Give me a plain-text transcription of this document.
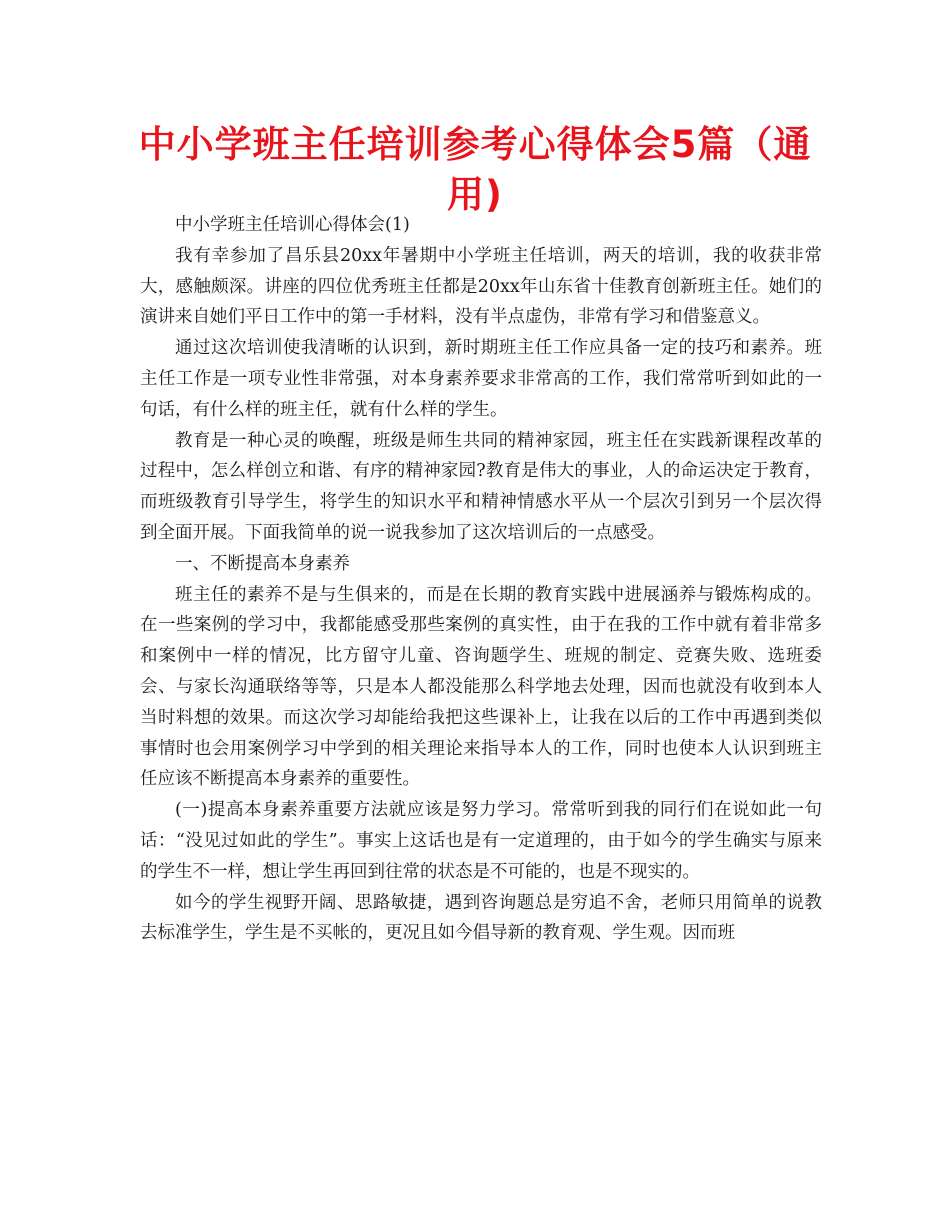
中小学班主任培训参考心得体会5篇（通用)

中小学班主任培训心得体会(1)

我有幸参加了昌乐县20xx年暑期中小学班主任培训，两天的培训，我的收获非常大，感触颇深。讲座的四位优秀班主任都是20xx年山东省十佳教育创新班主任。她们的演讲来自她们平日工作中的第一手材料，没有半点虚伪，非常有学习和借鉴意义。

通过这次培训使我清晰的认识到，新时期班主任工作应具备一定的技巧和素养。班主任工作是一项专业性非常强，对本身素养要求非常高的工作，我们常常听到如此的一句话，有什么样的班主任，就有什么样的学生。

教育是一种心灵的唤醒，班级是师生共同的精神家园，班主任在实践新课程改革的过程中，怎么样创立和谐、有序的精神家园?教育是伟大的事业，人的命运决定于教育，而班级教育引导学生，将学生的知识水平和精神情感水平从一个层次引到另一个层次得到全面开展。下面我简单的说一说我参加了这次培训后的一点感受。

一、不断提高本身素养

班主任的素养不是与生俱来的，而是在长期的教育实践中进展涵养与锻炼构成的。在一些案例的学习中，我都能感受那些案例的真实性，由于在我的工作中就有着非常多和案例中一样的情况，比方留守儿童、咨询题学生、班规的制定、竞赛失败、选班委会、与家长沟通联络等等，只是本人都没能那么科学地去处理，因而也就没有收到本人当时料想的效果。而这次学习却能给我把这些课补上，让我在以后的工作中再遇到类似事情时也会用案例学习中学到的相关理论来指导本人的工作，同时也使本人认识到班主任应该不断提高本身素养的重要性。

(一)提高本身素养重要方法就应该是努力学习。常常听到我的同行们在说如此一句话：“没见过如此的学生”。事实上这话也是有一定道理的，由于如今的学生确实与原来的学生不一样，想让学生再回到往常的状态是不可能的，也是不现实的。

如今的学生视野开阔、思路敏捷，遇到咨询题总是穷追不舍，老师只用简单的说教去标准学生，学生是不买帐的，更况且如今倡导新的教育观、学生观。因而班
